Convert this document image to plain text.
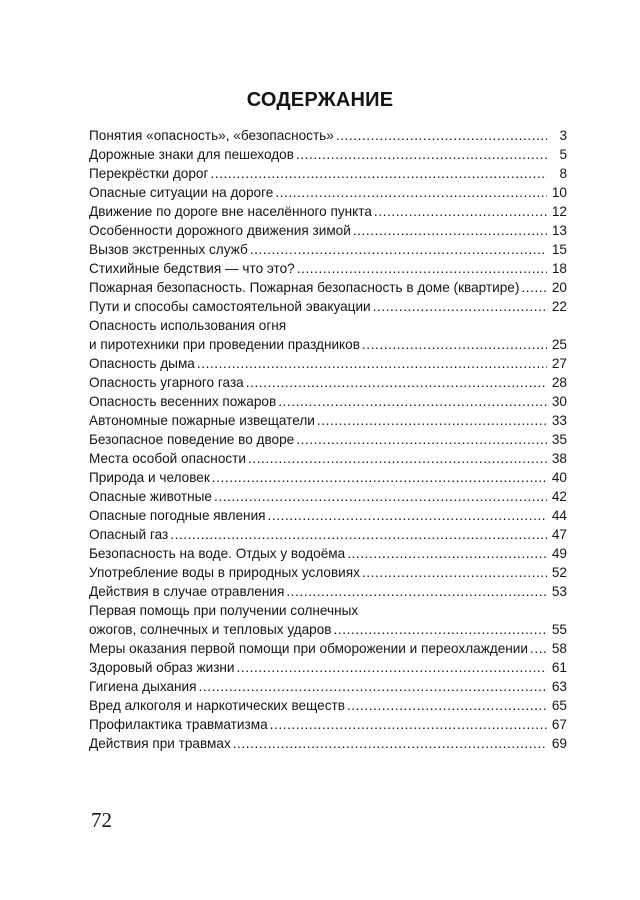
СОДЕРЖАНИЕ
Понятия «опасность», «безопасность» . . .	3
Дорожные знаки для пешеходов . . .	5
Перекрёстки дорог . . .	8
Опасные ситуации на дороге . . .	10
Движение по дороге вне населённого пункта . . .	12
Особенности дорожного движения зимой . . .	13
Вызов экстренных служб . . .	15
Стихийные бедствия — что это? . . .	18
Пожарная безопасность. Пожарная безопасность в доме (квартире) . . . 20
Пути и способы самостоятельной эвакуации . . .	22
Опасность использования огня
и пиротехники при проведении праздников . . .	25
Опасность дыма . . .	27
Опасность угарного газа . . .	28
Опасность весенних пожаров . . .	30
Автономные пожарные извещатели . . .	33
Безопасное поведение во дворе . . .	35
Места особой опасности . . .	38
Природа и человек . . .	40
Опасные животные . . .	42
Опасные погодные явления . . .	44
Опасный газ . . .	47
Безопасность на воде. Отдых у водоёма . . .	49
Употребление воды в природных условиях . . .	52
Действия в случае отравления . . .	53
Первая помощь при получении солнечных
ожогов, солнечных и тепловых ударов . . .	55
Меры оказания первой помощи при обморожении и переохлаждении . . . 58
Здоровый образ жизни . . .	61
Гигиена дыхания . . .	63
Вред алкоголя и наркотических веществ . . .	65
Профилактика травматизма . . .	67
Действия при травмах . . .	69
72
